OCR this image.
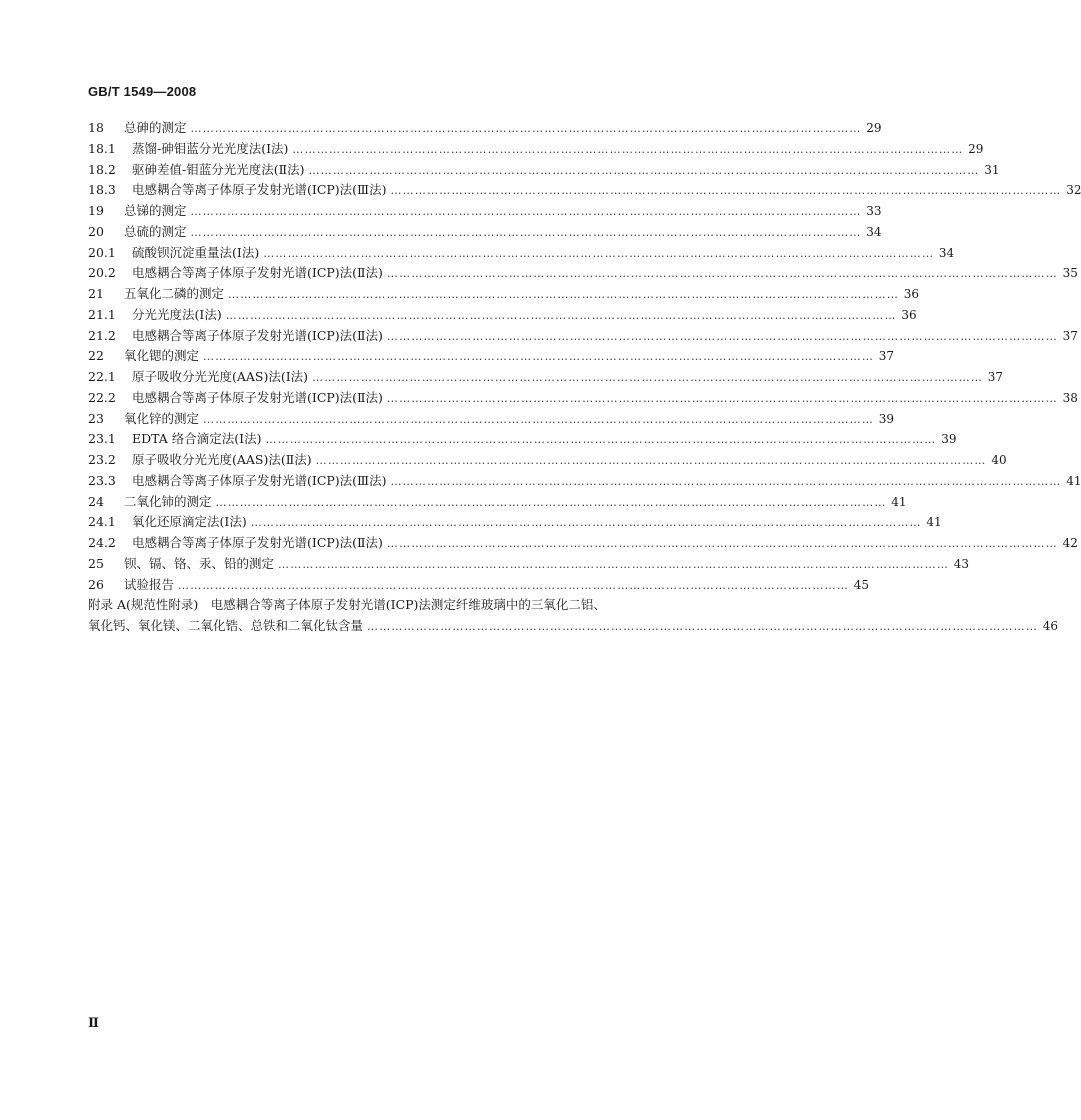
GB/T 1549—2008
18	总砷的测定 ………………………………………………………………………………………………………………………………………………… 29
18.1	蒸馏-砷钼蓝分光光度法(Ⅰ法) ………………………………………………………………………………………………………………………………………………… 29
18.2	驱砷差值-钼蓝分光光度法(Ⅱ法) ………………………………………………………………………………………………………………………………………………… 31
18.3	电感耦合等离子体原子发射光谱(ICP)法(Ⅲ法) ………………………………………………………………………………………………………………………………………………… 32
19	总锑的测定 ………………………………………………………………………………………………………………………………………………… 33
20	总硫的测定 ………………………………………………………………………………………………………………………………………………… 34
20.1	硫酸钡沉淀重量法(Ⅰ法) ………………………………………………………………………………………………………………………………………………… 34
20.2	电感耦合等离子体原子发射光谱(ICP)法(Ⅱ法) ………………………………………………………………………………………………………………………………………………… 35
21	五氧化二磷的测定 ………………………………………………………………………………………………………………………………………………… 36
21.1	分光光度法(Ⅰ法) ………………………………………………………………………………………………………………………………………………… 36
21.2	电感耦合等离子体原子发射光谱(ICP)法(Ⅱ法) ………………………………………………………………………………………………………………………………………………… 37
22	氧化锶的测定 ………………………………………………………………………………………………………………………………………………… 37
22.1	原子吸收分光光度(AAS)法(Ⅰ法) ………………………………………………………………………………………………………………………………………………… 37
22.2	电感耦合等离子体原子发射光谱(ICP)法(Ⅱ法) ………………………………………………………………………………………………………………………………………………… 38
23	氧化锌的测定 ………………………………………………………………………………………………………………………………………………… 39
23.1	EDTA 络合滴定法(Ⅰ法) ………………………………………………………………………………………………………………………………………………… 39
23.2	原子吸收分光光度(AAS)法(Ⅱ法) ………………………………………………………………………………………………………………………………………………… 40
23.3	电感耦合等离子体原子发射光谱(ICP)法(Ⅲ法) ………………………………………………………………………………………………………………………………………………… 41
24	二氧化铈的测定 ………………………………………………………………………………………………………………………………………………… 41
24.1	氧化还原滴定法(Ⅰ法) ………………………………………………………………………………………………………………………………………………… 41
24.2	电感耦合等离子体原子发射光谱(ICP)法(Ⅱ法) ………………………………………………………………………………………………………………………………………………… 42
25	钡、镉、铬、汞、铅的测定 ………………………………………………………………………………………………………………………………………………… 43
26	试验报告 ………………………………………………………………………………………………………………………………………………… 45
附录 A(规范性附录)　电感耦合等离子体原子发射光谱(ICP)法测定纤维玻璃中的三氧化二铝、
氧化钙、氧化镁、二氧化锆、总铁和二氧化钛含量 ………………………………………………………………………………………………………………………………………………… 46
Ⅱ
